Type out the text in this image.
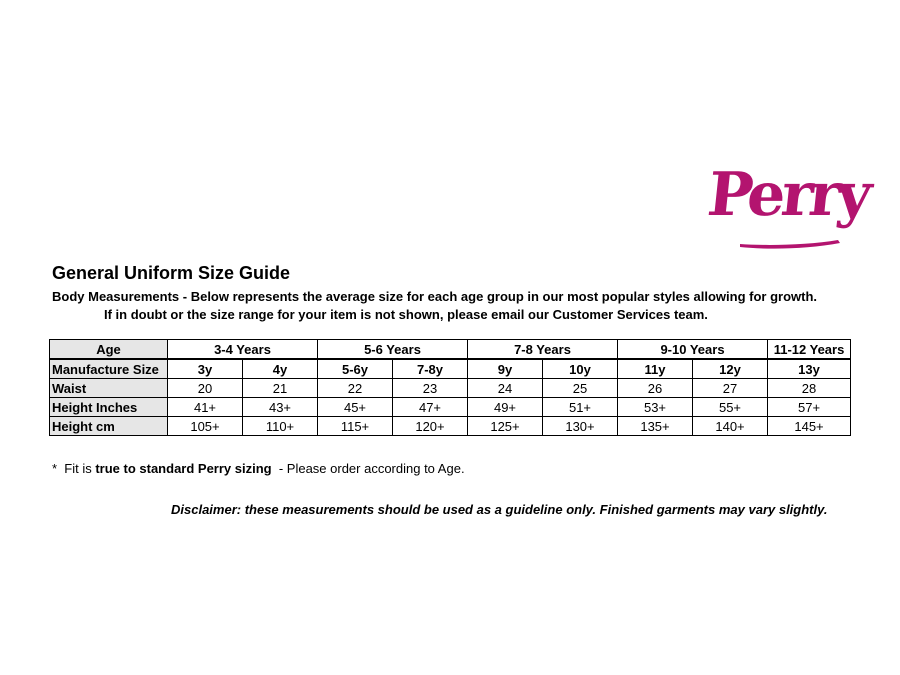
Perry
General Uniform Size Guide
Body Measurements - Below represents the average size for each age group in our most popular styles allowing for growth.
If in doubt or the size range for your item is not shown, please email our Customer Services team.
Age	3-4 Years		5-6 Years		7-8 Years		9-10 Years		11-12 Years
Manufacture Size	3y	4y	5-6y	7-8y	9y	10y	11y	12y	13y
Waist	20	21	22	23	24	25	26	27	28
Height Inches	41+	43+	45+	47+	49+	51+	53+	55+	57+
Height cm	105+	110+	115+	120+	125+	130+	135+	140+	145+
*  Fit is true to standard Perry sizing  - Please order according to Age.
Disclaimer: these measurements should be used as a guideline only. Finished garments may vary slightly.
